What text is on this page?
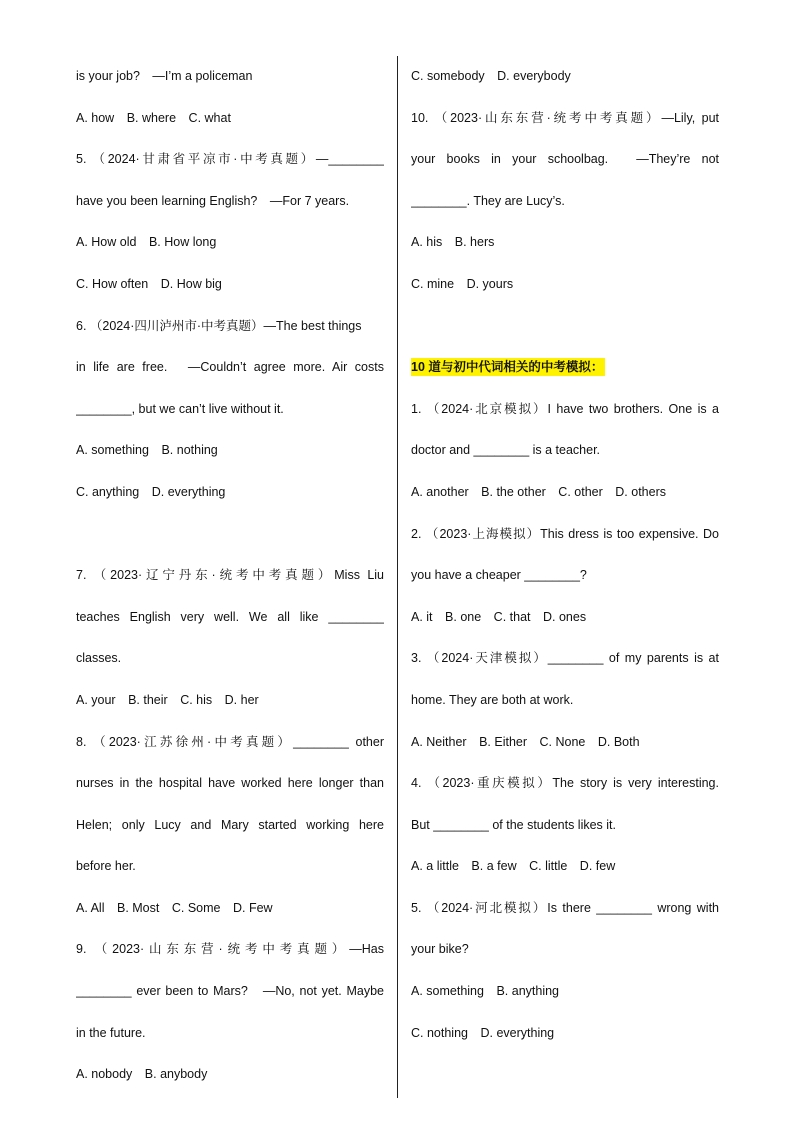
is your job?　—I’m a policeman
A. how　B. where　C. what
5. （2024·甘肃省平凉市·中考真题）—________
have you been learning English?　—For 7 years.
A. How old　B. How long
C. How often　D. How big
6. （2024·四川泸州市·中考真题）—The best things
in life are free.　—Couldn’t agree more. Air costs
________, but we can’t live without it.
A. something　B. nothing
C. anything　D. everything
7. （2023·辽宁丹东·统考中考真题）Miss Liu
teaches English very well. We all like ________
classes.
A. your　B. their　C. his　D. her
8. （2023·江苏徐州·中考真题）________ other
nurses in the hospital have worked here longer than
Helen; only Lucy and Mary started working here
before her.
A. All　B. Most　C. Some　D. Few
9. （2023·山东东营·统考中考真题）—Has
________ ever been to Mars?　—No, not yet. Maybe
in the future.
A. nobody　B. anybody
C. somebody　D. everybody
10. （2023·山东东营·统考中考真题）—Lily, put
your books in your schoolbag.　—They’re not
________. They are Lucy’s.
A. his　B. hers
C. mine　D. yours
10 道与初中代词相关的中考模拟：
1. （2024·北京模拟）I have two brothers. One is a
doctor and ________ is a teacher.
A. another　B. the other　C. other　D. others
2. （2023·上海模拟）This dress is too expensive. Do
you have a cheaper ________?
A. it　B. one　C. that　D. ones
3. （2024·天津模拟）________ of my parents is at
home. They are both at work.
A. Neither　B. Either　C. None　D. Both
4. （2023·重庆模拟）The story is very interesting.
But ________ of the students likes it.
A. a little　B. a few　C. little　D. few
5. （2024·河北模拟）Is there ________ wrong with
your bike?
A. something　B. anything
C. nothing　D. everything
